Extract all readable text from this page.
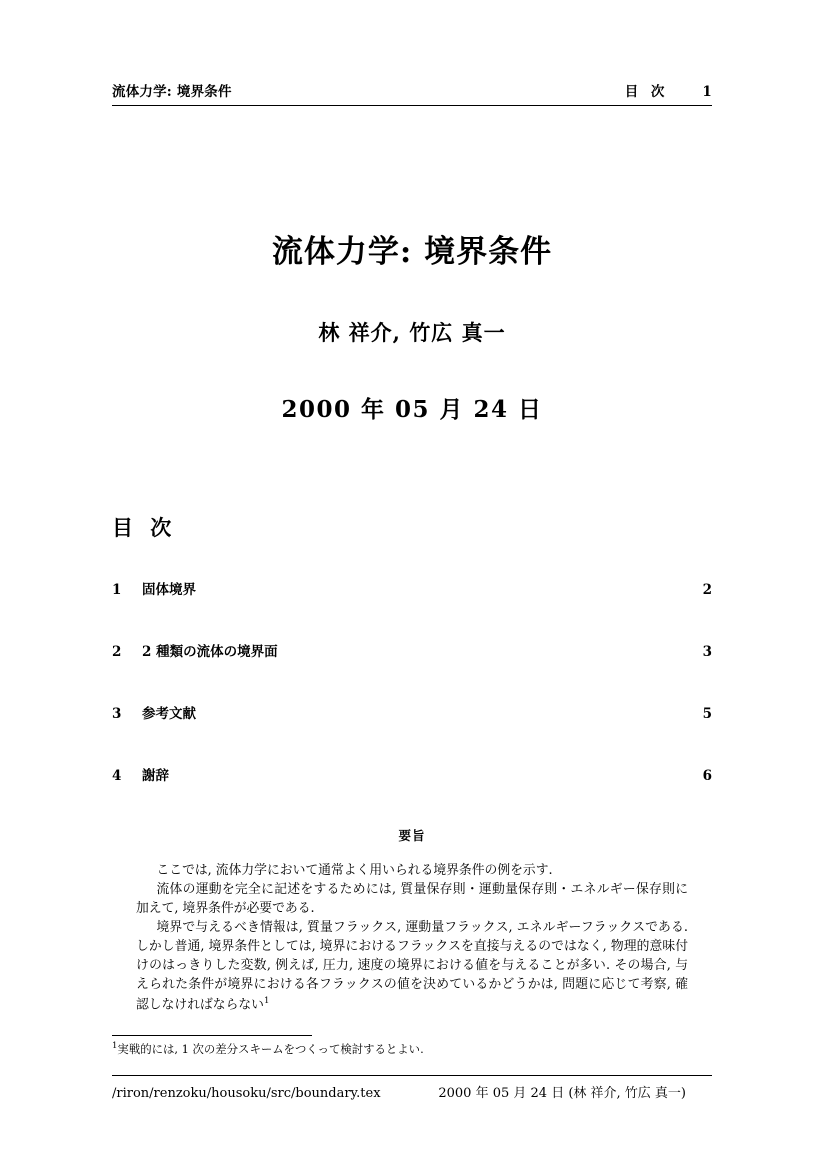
流体力学: 境界条件	目 次	1
流体力学: 境界条件
林 祥介, 竹広 真一
2000 年 05 月 24 日
目 次
1	固体境界	2
2	2 種類の流体の境界面	3
3	参考文献	5
4	謝辞	6
要旨

ここでは, 流体力学において通常よく用いられる境界条件の例を示す.

流体の運動を完全に記述をするためには, 質量保存則・運動量保存則・エネルギー保存則に加えて, 境界条件が必要である.

境界で与えるべき情報は, 質量フラックス, 運動量フラックス, エネルギーフラックスである. しかし普通, 境界条件としては, 境界におけるフラックスを直接与えるのではなく, 物理的意味付けのはっきりした変数, 例えば, 圧力, 速度の境界における値を与えることが多い. その場合, 与えられた条件が境界における各フラックスの値を決めているかどうかは, 問題に応じて考察, 確認しなければならない$^1$

$^1$実戦的には, 1 次の差分スキームをつくって検討するとよい.
/riron/renzoku/housoku/src/boundary.tex	2000 年 05 月 24 日 (林 祥介, 竹広 真一)
